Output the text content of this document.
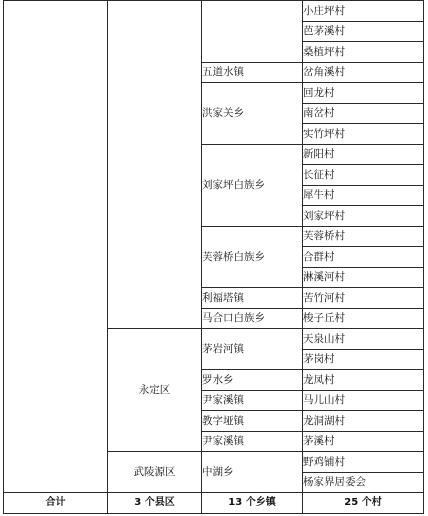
			小庄坪村
			芭茅溪村
			桑植坪村
		五道水镇	岔角溪村
		洪家关乡	回龙村
			南岔村
			实竹坪村
		刘家坪白族乡	新阳村
			长征村
			犀牛村
			刘家坪村
		芙蓉桥白族乡	芙蓉桥村
			合群村
			淋溪河村
		利福塔镇	苦竹河村
		马合口白族乡	梭子丘村
	永定区	茅岩河镇	天泉山村
			茅岗村
		罗水乡	龙凤村
		尹家溪镇	马儿山村
		教字垭镇	龙洞湖村
		尹家溪镇	茅溪村
	武陵源区	中湖乡	野鸡铺村
			杨家界居委会
合计	3 个县区	13 个乡镇	25 个村
